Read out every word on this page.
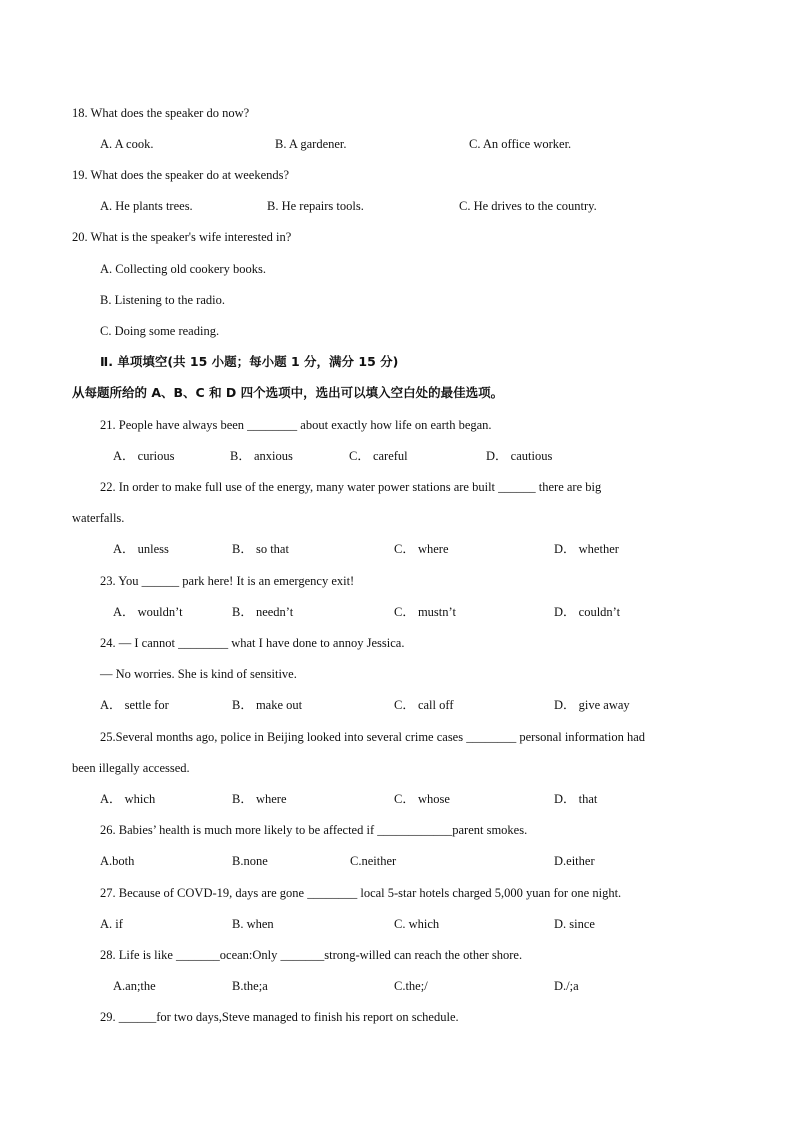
18. What does the speaker do now?
A. A cook.	B. A gardener.	C. An office worker.
19. What does the speaker do at weekends?
A. He plants trees.	B. He repairs tools.	C. He drives to the country.
20. What is the speaker's wife interested in?
A. Collecting old cookery books.
B. Listening to the radio.
C. Doing some reading.
Ⅱ. 单项填空(共 15 小题；每小题 1 分，满分 15 分)
从每题所给的 A、B、C 和 D 四个选项中，选出可以填入空白处的最佳选项。
21. People have always been ________ about exactly how life on earth began.
A． curious	B． anxious	C． careful	D． cautious
22. In order to make full use of the energy, many water power stations are built ______ there are big
waterfalls.
A． unless	B． so that	C． where	D． whether
23. You ______ park here! It is an emergency exit!
A． wouldn’t	B． needn’t	C． mustn’t	D． couldn’t
24. — I cannot ________ what I have done to annoy Jessica.
— No worries. She is kind of sensitive.
A． settle for	B． make out	C． call off	D． give away
25.Several months ago, police in Beijing looked into several crime cases ________ personal information had
been illegally accessed.
A． which	B． where	C． whose	D． that
26. Babies’ health is much more likely to be affected if ____________parent smokes.
A.both	B.none	C.neither	D.either
27. Because of COVD-19, days are gone ________ local 5-star hotels charged 5,000 yuan for one night.
A. if	B. when	C. which	D. since
28. Life is like _______ocean:Only _______strong-willed can reach the other shore.
A.an;the	B.the;a	C.the;/	D./;a
29. ______for two days,Steve managed to finish his report on schedule.
